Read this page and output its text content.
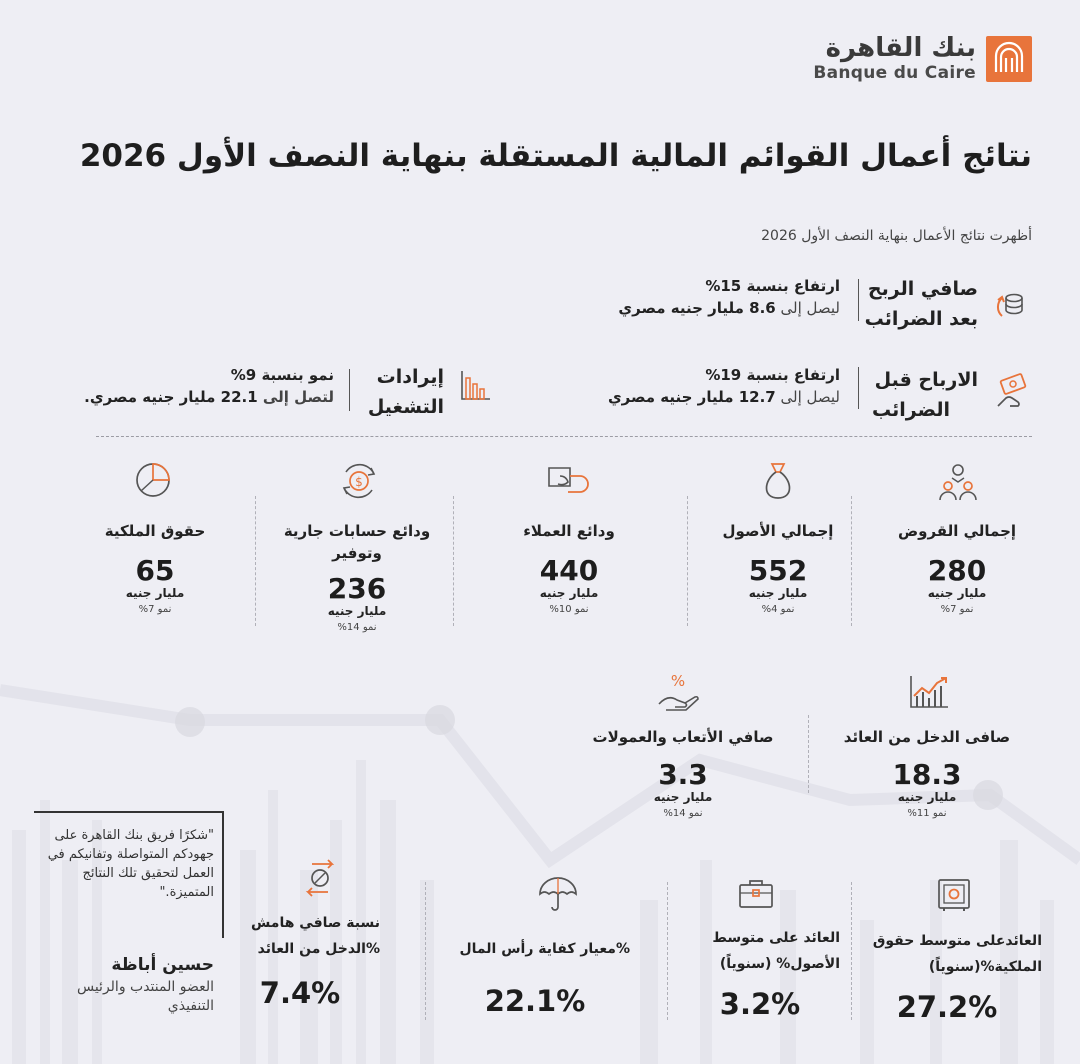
بنك القاهرة
Banque du Caire
نتائج أعمال القوائم المالية المستقلة بنهاية النصف الأول 2026
أظهرت نتائج الأعمال بنهاية النصف الأول 2026
صافي الربح
بعد الضرائب
ارتفاع بنسبة 15%
ليصل إلى 8.6 مليار جنيه مصري
الارباح قبل
الضرائب
ارتفاع بنسبة 19%
ليصل إلى 12.7 مليار جنيه مصري
إيرادات
التشغيل
نمو بنسبة 9%
لتصل إلى 22.1 مليار جنيه مصري.
إجمالي القروض
280
مليار جنيه
نمو 7%
إجمالي الأصول
552
مليار جنيه
نمو 4%
ودائع العملاء
440
مليار جنيه
نمو 10%
$
ودائع حسابات جارية وتوفير
236
مليار جنيه
نمو 14%
حقوق الملكية
65
مليار جنيه
نمو 7%
صافى الدخل من العائد
18.3
مليار جنيه
نمو 11%
%
صافي الأتعاب والعمولات
3.3
مليار جنيه
نمو 14%
"شكرًا فريق بنك القاهرة على جهودكم المتواصلة وتفانيكم في العمل لتحقيق تلك النتائج المتميزة."
حسين أباظة
العضو المنتدب والرئيس التنفيذي
العائدعلى متوسط حقوق
الملكية%(سنوياً)
27.2%
العائد على متوسط
الأصول% (سنوياً)
3.2%
%معيار كفاية رأس المال
22.1%
نسبة صافي هامش
%الدخل من العائد
7.4%
